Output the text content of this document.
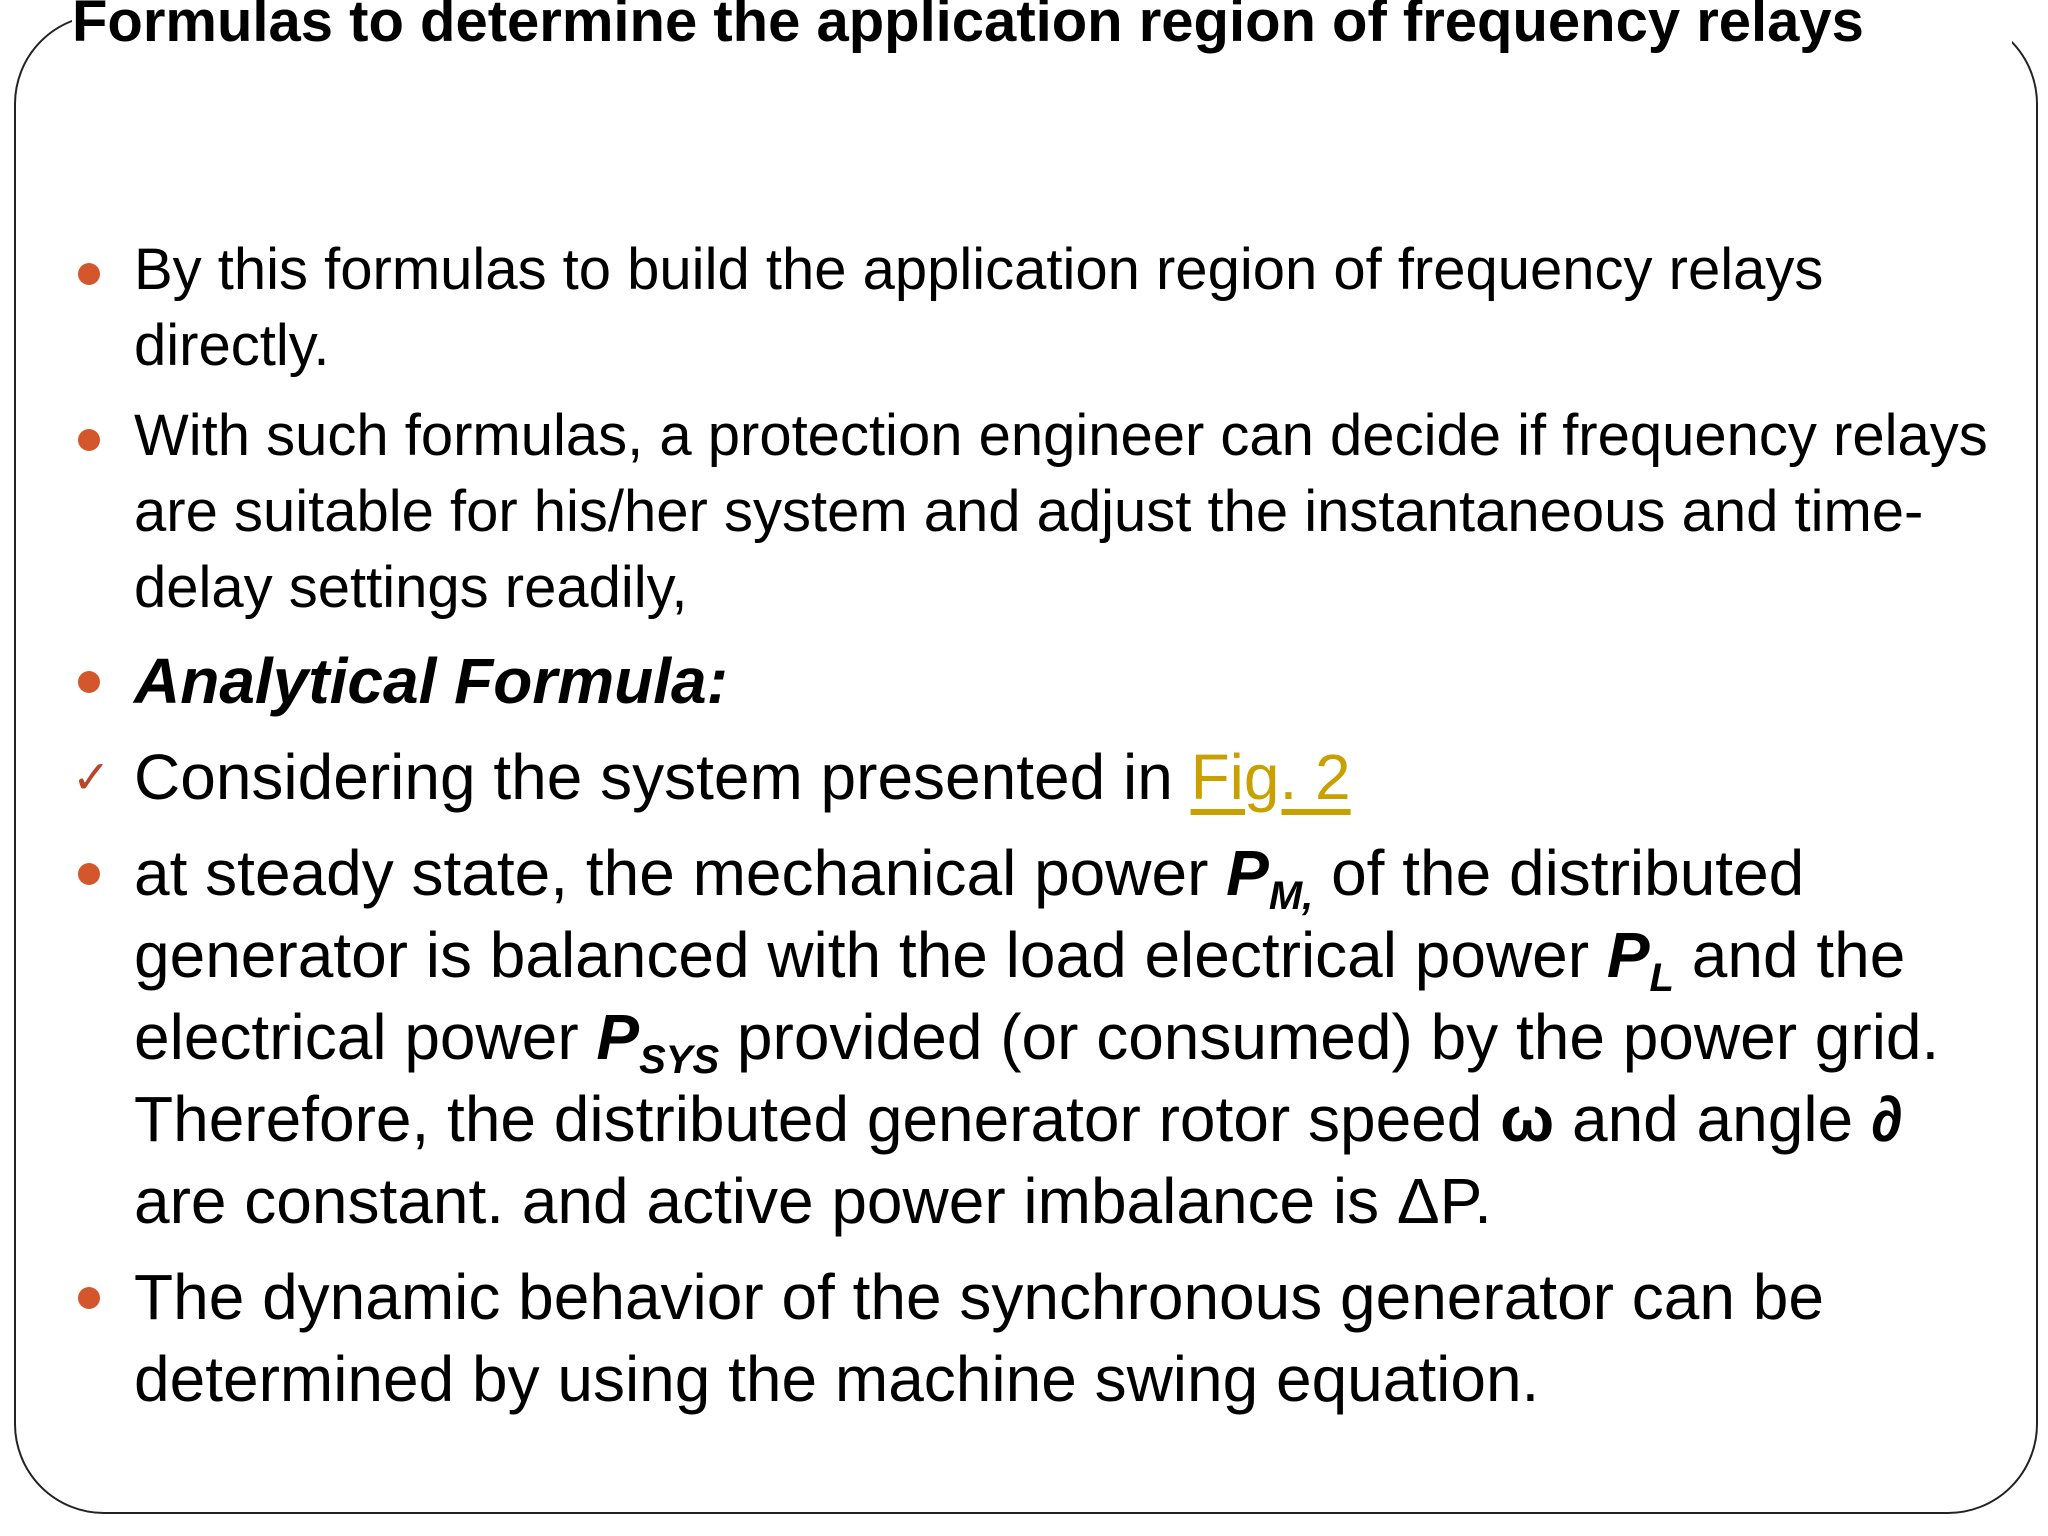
Formulas to determine the application region of frequency relays
By this formulas to build the application region of frequency relays directly.
With such formulas, a protection engineer can decide if frequency relays are suitable for his/her system and adjust the instantaneous and time-delay settings readily,
Analytical Formula:
✓ Considering the system presented in Fig. 2
at steady state, the mechanical power $P_{M,}$ of the distributed generator is balanced with the load electrical power $P_L$ and the electrical power $P_{SYS}$ provided (or consumed) by the power grid. Therefore, the distributed generator rotor speed ω and angle ∂ are constant. and active power imbalance is ΔP.
The dynamic behavior of the synchronous generator can be determined by using the machine swing equation.
